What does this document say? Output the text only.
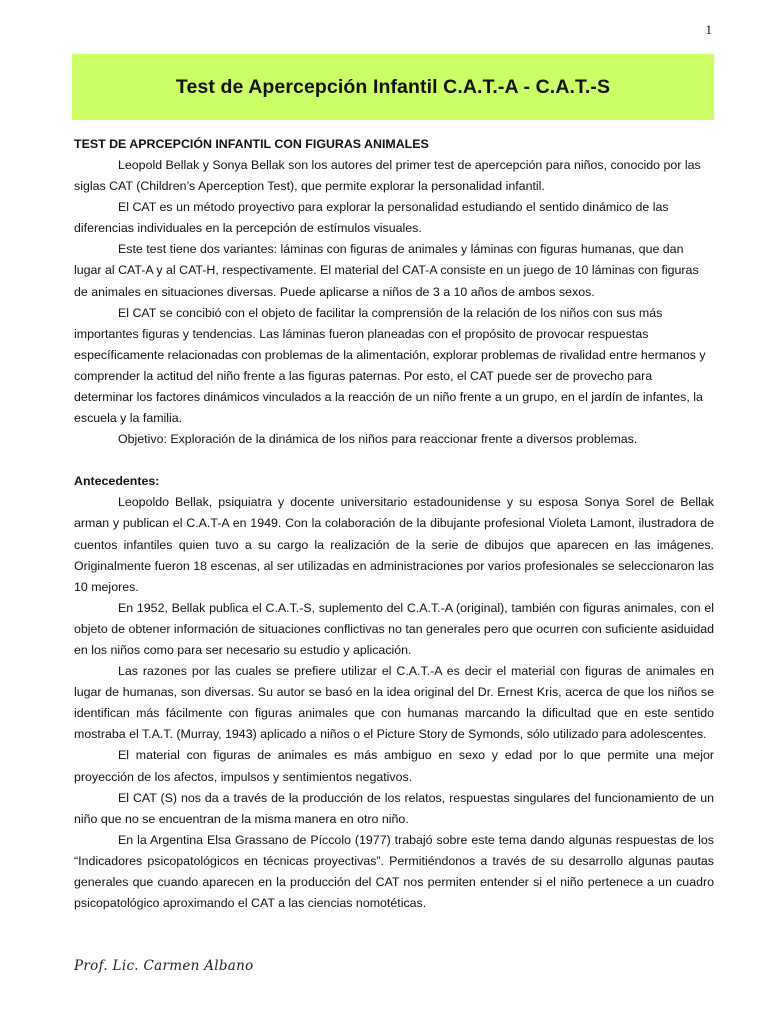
1
Test de Apercepción Infantil C.A.T.-A - C.A.T.-S
TEST DE APRCEPCIÓN INFANTIL CON FIGURAS ANIMALES

Leopold Bellak y Sonya Bellak son los autores del primer test de apercepción para niños, conocido por las siglas CAT (Children’s Aperception Test), que permite explorar la personalidad infantil.

El CAT es un método proyectivo para explorar la personalidad estudiando el sentido dinámico de las diferencias individuales en la percepción de estímulos visuales.

Este test tiene dos variantes: láminas con figuras de animales y láminas con figuras humanas, que dan lugar al CAT-A y al CAT-H, respectivamente. El material del CAT-A consiste en un juego de 10 láminas con figuras de animales en situaciones diversas. Puede aplicarse a niños de 3 a 10 años de ambos sexos.

El CAT se concibió con el objeto de facilitar la comprensión de la relación de los niños con sus más importantes figuras y tendencias. Las láminas fueron planeadas con el propósito de provocar respuestas específicamente relacionadas con problemas de la alimentación, explorar problemas de rivalidad entre hermanos y comprender la actitud del niño frente a las figuras paternas. Por esto, el CAT puede ser de provecho para determinar los factores dinámicos vinculados a la reacción de un niño frente a un grupo, en el jardín de infantes, la escuela y la familia.

Objetivo: Exploración de la dinámica de los niños para reaccionar frente a diversos problemas.

Antecedentes:

Leopoldo Bellak, psiquiatra y docente universitario estadounidense y su esposa Sonya Sorel de Bellak arman y publican el C.A.T-A en 1949. Con la colaboración de la dibujante profesional Violeta Lamont, ilustradora de cuentos infantiles quien tuvo a su cargo la realización de la serie de dibujos que aparecen en las imágenes. Originalmente fueron 18 escenas, al ser utilizadas en administraciones por varios profesionales se seleccionaron las 10 mejores.

En 1952, Bellak publica el C.A.T.-S, suplemento del C.A.T.-A (original), también con figuras animales, con el objeto de obtener información de situaciones conflictivas no tan generales pero que ocurren con suficiente asiduidad en los niños como para ser necesario su estudio y aplicación.

Las razones por las cuales se prefiere utilizar el C.A.T.-A es decir el material con figuras de animales en lugar de humanas, son diversas. Su autor se basó en la idea original del Dr. Ernest Kris, acerca de que los niños se identifican más fácilmente con figuras animales que con humanas marcando la dificultad que en este sentido mostraba el T.A.T. (Murray, 1943) aplicado a niños o el Picture Story de Symonds, sólo utilizado para adolescentes.

El material con figuras de animales es más ambiguo en sexo y edad por lo que permite una mejor proyección de los afectos, impulsos y sentimientos negativos.

El CAT (S) nos da a través de la producción de los relatos, respuestas singulares del funcionamiento de un niño que no se encuentran de la misma manera en otro niño.

En la Argentina Elsa Grassano de Píccolo (1977) trabajó sobre este tema dando algunas respuestas de los “Indicadores psicopatológicos en técnicas proyectivas”. Permitiéndonos a través de su desarrollo algunas pautas generales que cuando aparecen en la producción del CAT nos permiten entender si el niño pertenece a un cuadro psicopatológico aproximando el CAT a las ciencias nomotéticas.

Prof. Lic. Carmen Albano
